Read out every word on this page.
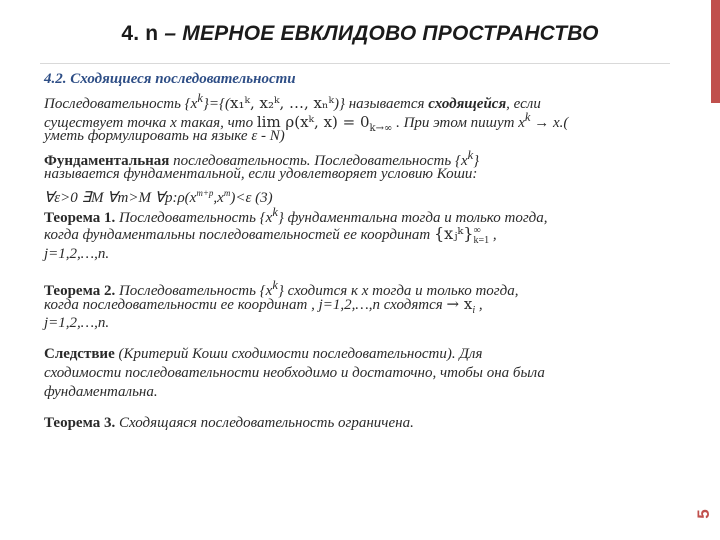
4. n – МЕРНОЕ ЕВКЛИДОВО ПРОСТРАНСТВО
4.2. Сходящиеся последовательности
Последовательность $\{x^k\}=\{(x_1ᵏ$, x₂ᵏ, …, xₙᵏ)} называется сходящейся, если
существует точка x такая, что lim ρ(xᵏ, $x) = 0_{k\to\infty}$ . При этом пишут $x^k \to x$.(
уметь формулировать на языке ε - N)
Фундаментальная последовательность. Последовательность $\{x^k\}$
называется фундаментальной, если удовлетворяет условию Коши:
∀ε>0 ∃M ∀m>M $\forall p:\rho(x^{m+p},x^m)<\varepsilon$ (3)
Теорема 1. Последовательность $\{x^k\}$ фундаментальна тогда и только тогда,
когда фундаментальны последовательностей ее координат {xⱼᵏ} ∞
k=1 ,
j=1,2,…,n.
Теорема 2. Последовательность $\{x^k\}$ сходится к x тогда и только тогда,
когда последовательности ее координат , j=1,2,…,n сходятся → $x_i$ ,
j=1,2,…,n.
Следствие (Критерий Коши сходимости последовательности). Для
сходимости последовательности необходимо и достаточно, чтобы она была
фундаментальна.
Теорема 3. Сходящаяся последовательность ограничена.
5
